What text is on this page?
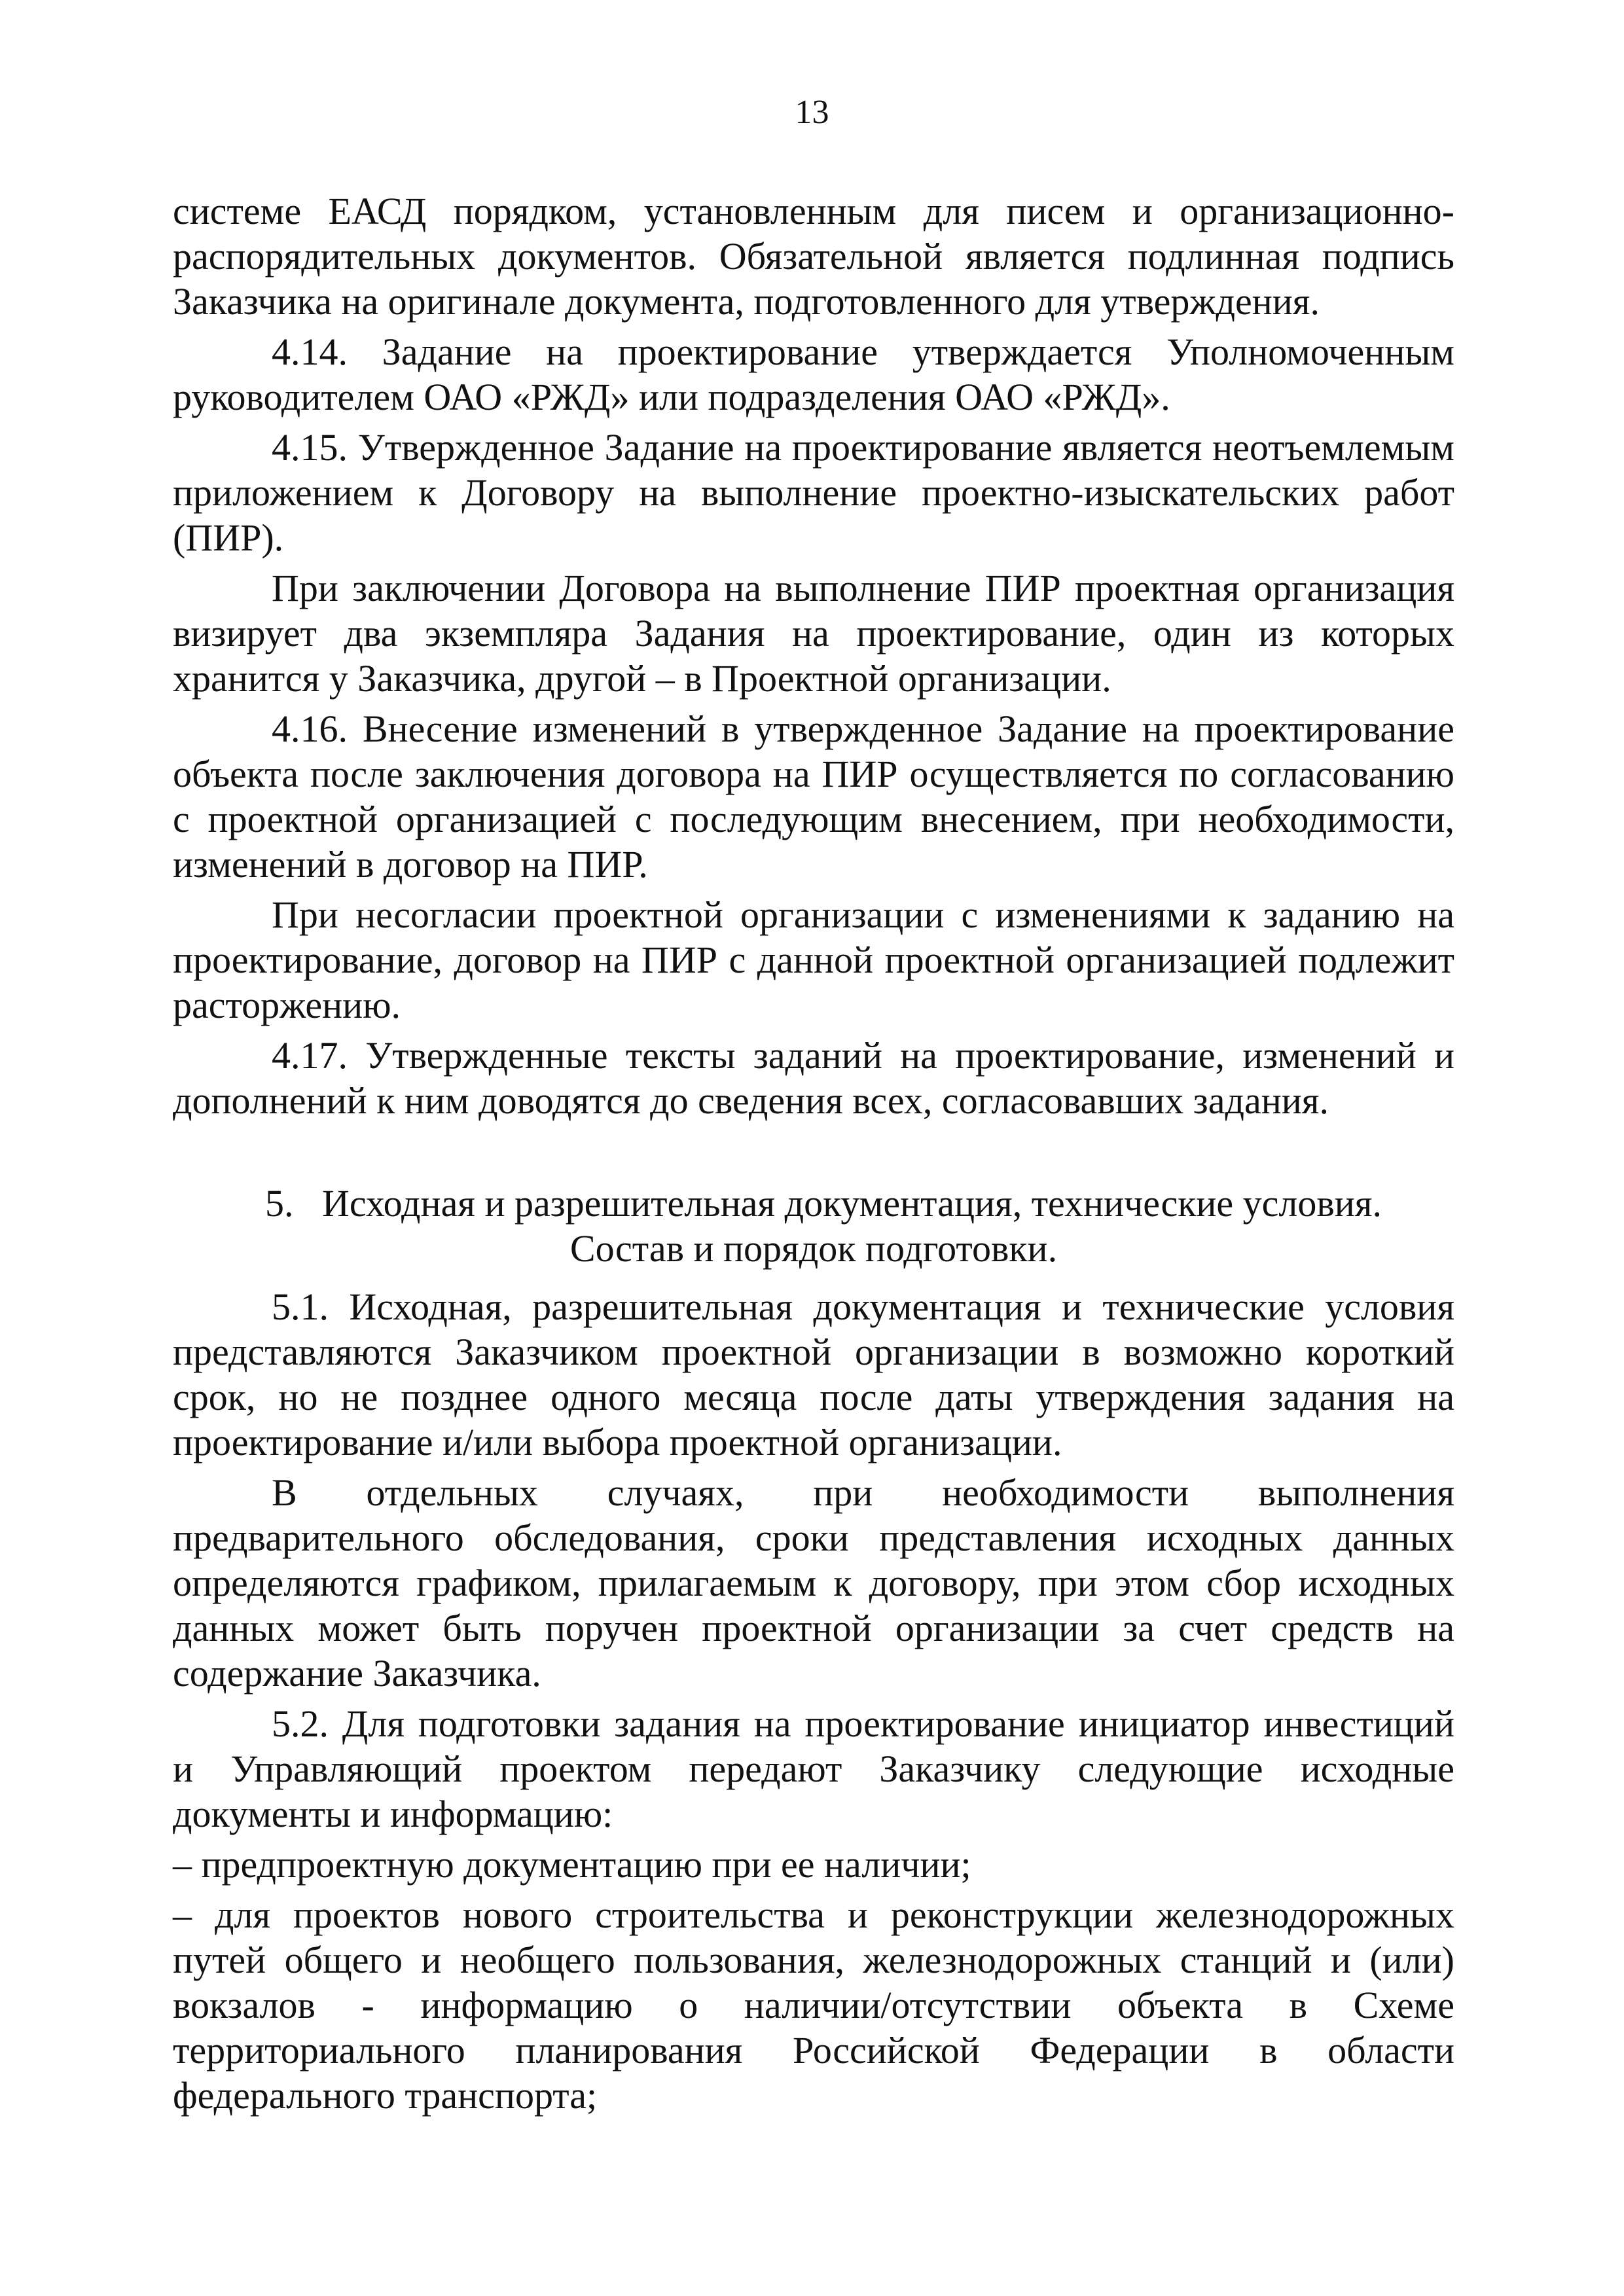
13

системе ЕАСД порядком, установленным для писем и организационно-распорядительных документов. Обязательной является подлинная подпись Заказчика на оригинале документа, подготовленного для утверждения.

4.14. Задание на проектирование утверждается Уполномоченным руководителем ОАО «РЖД» или подразделения ОАО «РЖД».

4.15. Утвержденное Задание на проектирование является неотъемлемым приложением к Договору на выполнение проектно-изыскательских работ (ПИР).

При заключении Договора на выполнение ПИР проектная организация визирует два экземпляра Задания на проектирование, один из которых хранится у Заказчика, другой – в Проектной организации.

4.16. Внесение изменений в утвержденное Задание на проектирование объекта после заключения договора на ПИР осуществляется по согласованию с проектной организацией с последующим внесением, при необходимости, изменений в договор на ПИР.

При несогласии проектной организации с изменениями к заданию на проектирование, договор на ПИР с данной проектной организацией подлежит расторжению.

4.17. Утвержденные тексты заданий на проектирование, изменений и дополнений к ним доводятся до сведения всех, согласовавших задания.

5.   Исходная и разрешительная документация, технические условия.
Состав и порядок подготовки.

5.1. Исходная, разрешительная документация и технические условия представляются Заказчиком проектной организации в возможно короткий срок, но не позднее одного месяца после даты утверждения задания на проектирование и/или выбора проектной организации.

В отдельных случаях, при необходимости выполнения предварительного обследования, сроки представления исходных данных определяются графиком, прилагаемым к договору, при этом сбор исходных данных может быть поручен проектной организации за счет средств на содержание Заказчика.

5.2. Для подготовки задания на проектирование инициатор инвестиций и Управляющий проектом передают Заказчику следующие исходные документы и информацию:

– предпроектную документацию при ее наличии;

– для проектов нового строительства и реконструкции железнодорожных путей общего и необщего пользования, железнодорожных станций и (или) вокзалов - информацию о наличии/отсутствии объекта в Схеме территориального планирования Российской Федерации в области федерального транспорта;
